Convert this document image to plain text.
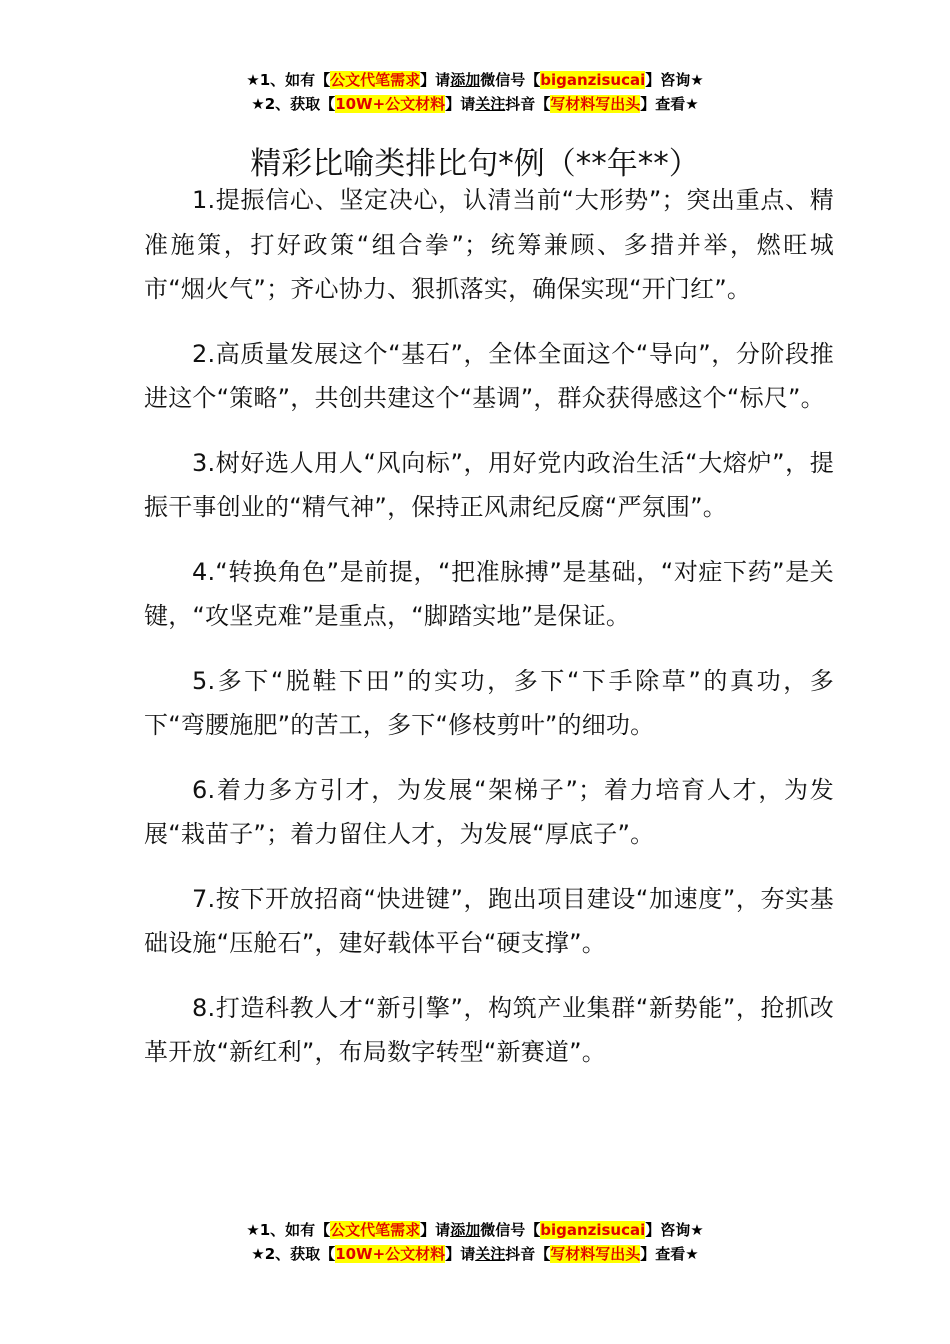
★1、如有【公文代笔需求】请添加微信号【biganzisucai】咨询★
★2、获取【10W+公文材料】请关注抖音【写材料写出头】查看★
精彩比喻类排比句*例（**年**）

1.提振信心、坚定决心，认清当前“大形势”；突出重点、精准施策，打好政策“组合拳”；统筹兼顾、多措并举，燃旺城市“烟火气”；齐心协力、狠抓落实，确保实现“开门红”。

2.高质量发展这个“基石”，全体全面这个“导向”，分阶段推进这个“策略”，共创共建这个“基调”，群众获得感这个“标尺”。

3.树好选人用人“风向标”，用好党内政治生活“大熔炉”，提振干事创业的“精气神”，保持正风肃纪反腐“严氛围”。

4.“转换角色”是前提，“把准脉搏”是基础，“对症下药”是关键，“攻坚克难”是重点，“脚踏实地”是保证。

5.多下“脱鞋下田”的实功，多下“下手除草”的真功，多下“弯腰施肥”的苦工，多下“修枝剪叶”的细功。

6.着力多方引才，为发展“架梯子”；着力培育人才，为发展“栽苗子”；着力留住人才，为发展“厚底子”。

7.按下开放招商“快进键”，跑出项目建设“加速度”，夯实基础设施“压舱石”，建好载体平台“硬支撑”。

8.打造科教人才“新引擎”，构筑产业集群“新势能”，抢抓改革开放“新红利”，布局数字转型“新赛道”。

★1、如有【公文代笔需求】请添加微信号【biganzisucai】咨询★
★2、获取【10W+公文材料】请关注抖音【写材料写出头】查看★
